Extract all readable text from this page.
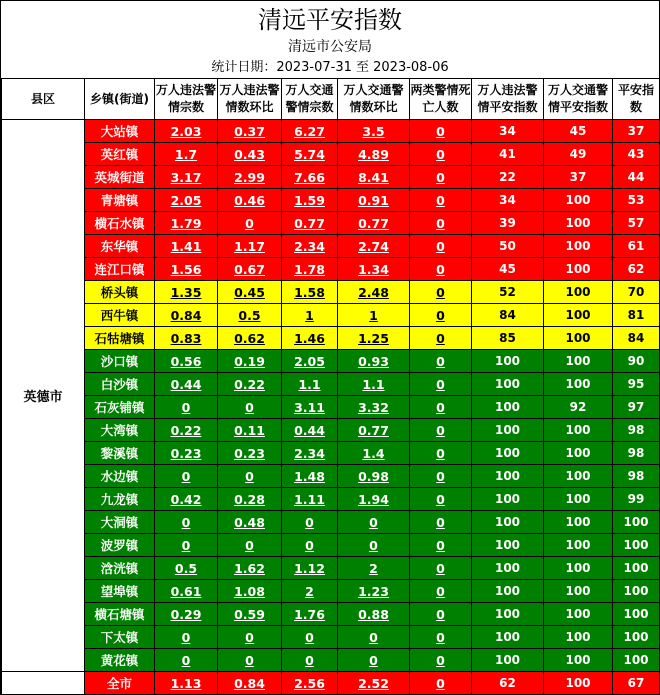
清远平安指数
清远市公安局
统计日期：2023-07-31 至 2023-08-06
县区	乡镇(街道)	万人违法警情宗数	万人违法警情数环比	万人交通警情宗数	万人交通警情数环比	两类警情死亡人数	万人违法警情平安指数	万人交通警情平安指数	平安指数
英德市	大站镇	2.03	0.37	6.27	3.5	0	34	45	37
	英红镇	1.7	0.43	5.74	4.89	0	41	49	43
	英城街道	3.17	2.99	7.66	8.41	0	22	37	44
	青塘镇	2.05	0.46	1.59	0.91	0	34	100	53
	横石水镇	1.79	0	0.77	0.77	0	39	100	57
	东华镇	1.41	1.17	2.34	2.74	0	50	100	61
	连江口镇	1.56	0.67	1.78	1.34	0	45	100	62
	桥头镇	1.35	0.45	1.58	2.48	0	52	100	70
	西牛镇	0.84	0.5	1	1	0	84	100	81
	石牯塘镇	0.83	0.62	1.46	1.25	0	85	100	84
	沙口镇	0.56	0.19	2.05	0.93	0	100	100	90
	白沙镇	0.44	0.22	1.1	1.1	0	100	100	95
	石灰铺镇	0	0	3.11	3.32	0	100	92	97
	大湾镇	0.22	0.11	0.44	0.77	0	100	100	98
	黎溪镇	0.23	0.23	2.34	1.4	0	100	100	98
	水边镇	0	0	1.48	0.98	0	100	100	98
	九龙镇	0.42	0.28	1.11	1.94	0	100	100	99
	大洞镇	0	0.48	0	0	0	100	100	100
	波罗镇	0	0	0	0	0	100	100	100
	浛洸镇	0.5	1.62	1.12	2	0	100	100	100
	望埠镇	0.61	1.08	2	1.23	0	100	100	100
	横石塘镇	0.29	0.59	1.76	0.88	0	100	100	100
	下太镇	0	0	0	0	0	100	100	100
	黄花镇	0	0	0	0	0	100	100	100
	全市	1.13	0.84	2.56	2.52	0	62	100	67
